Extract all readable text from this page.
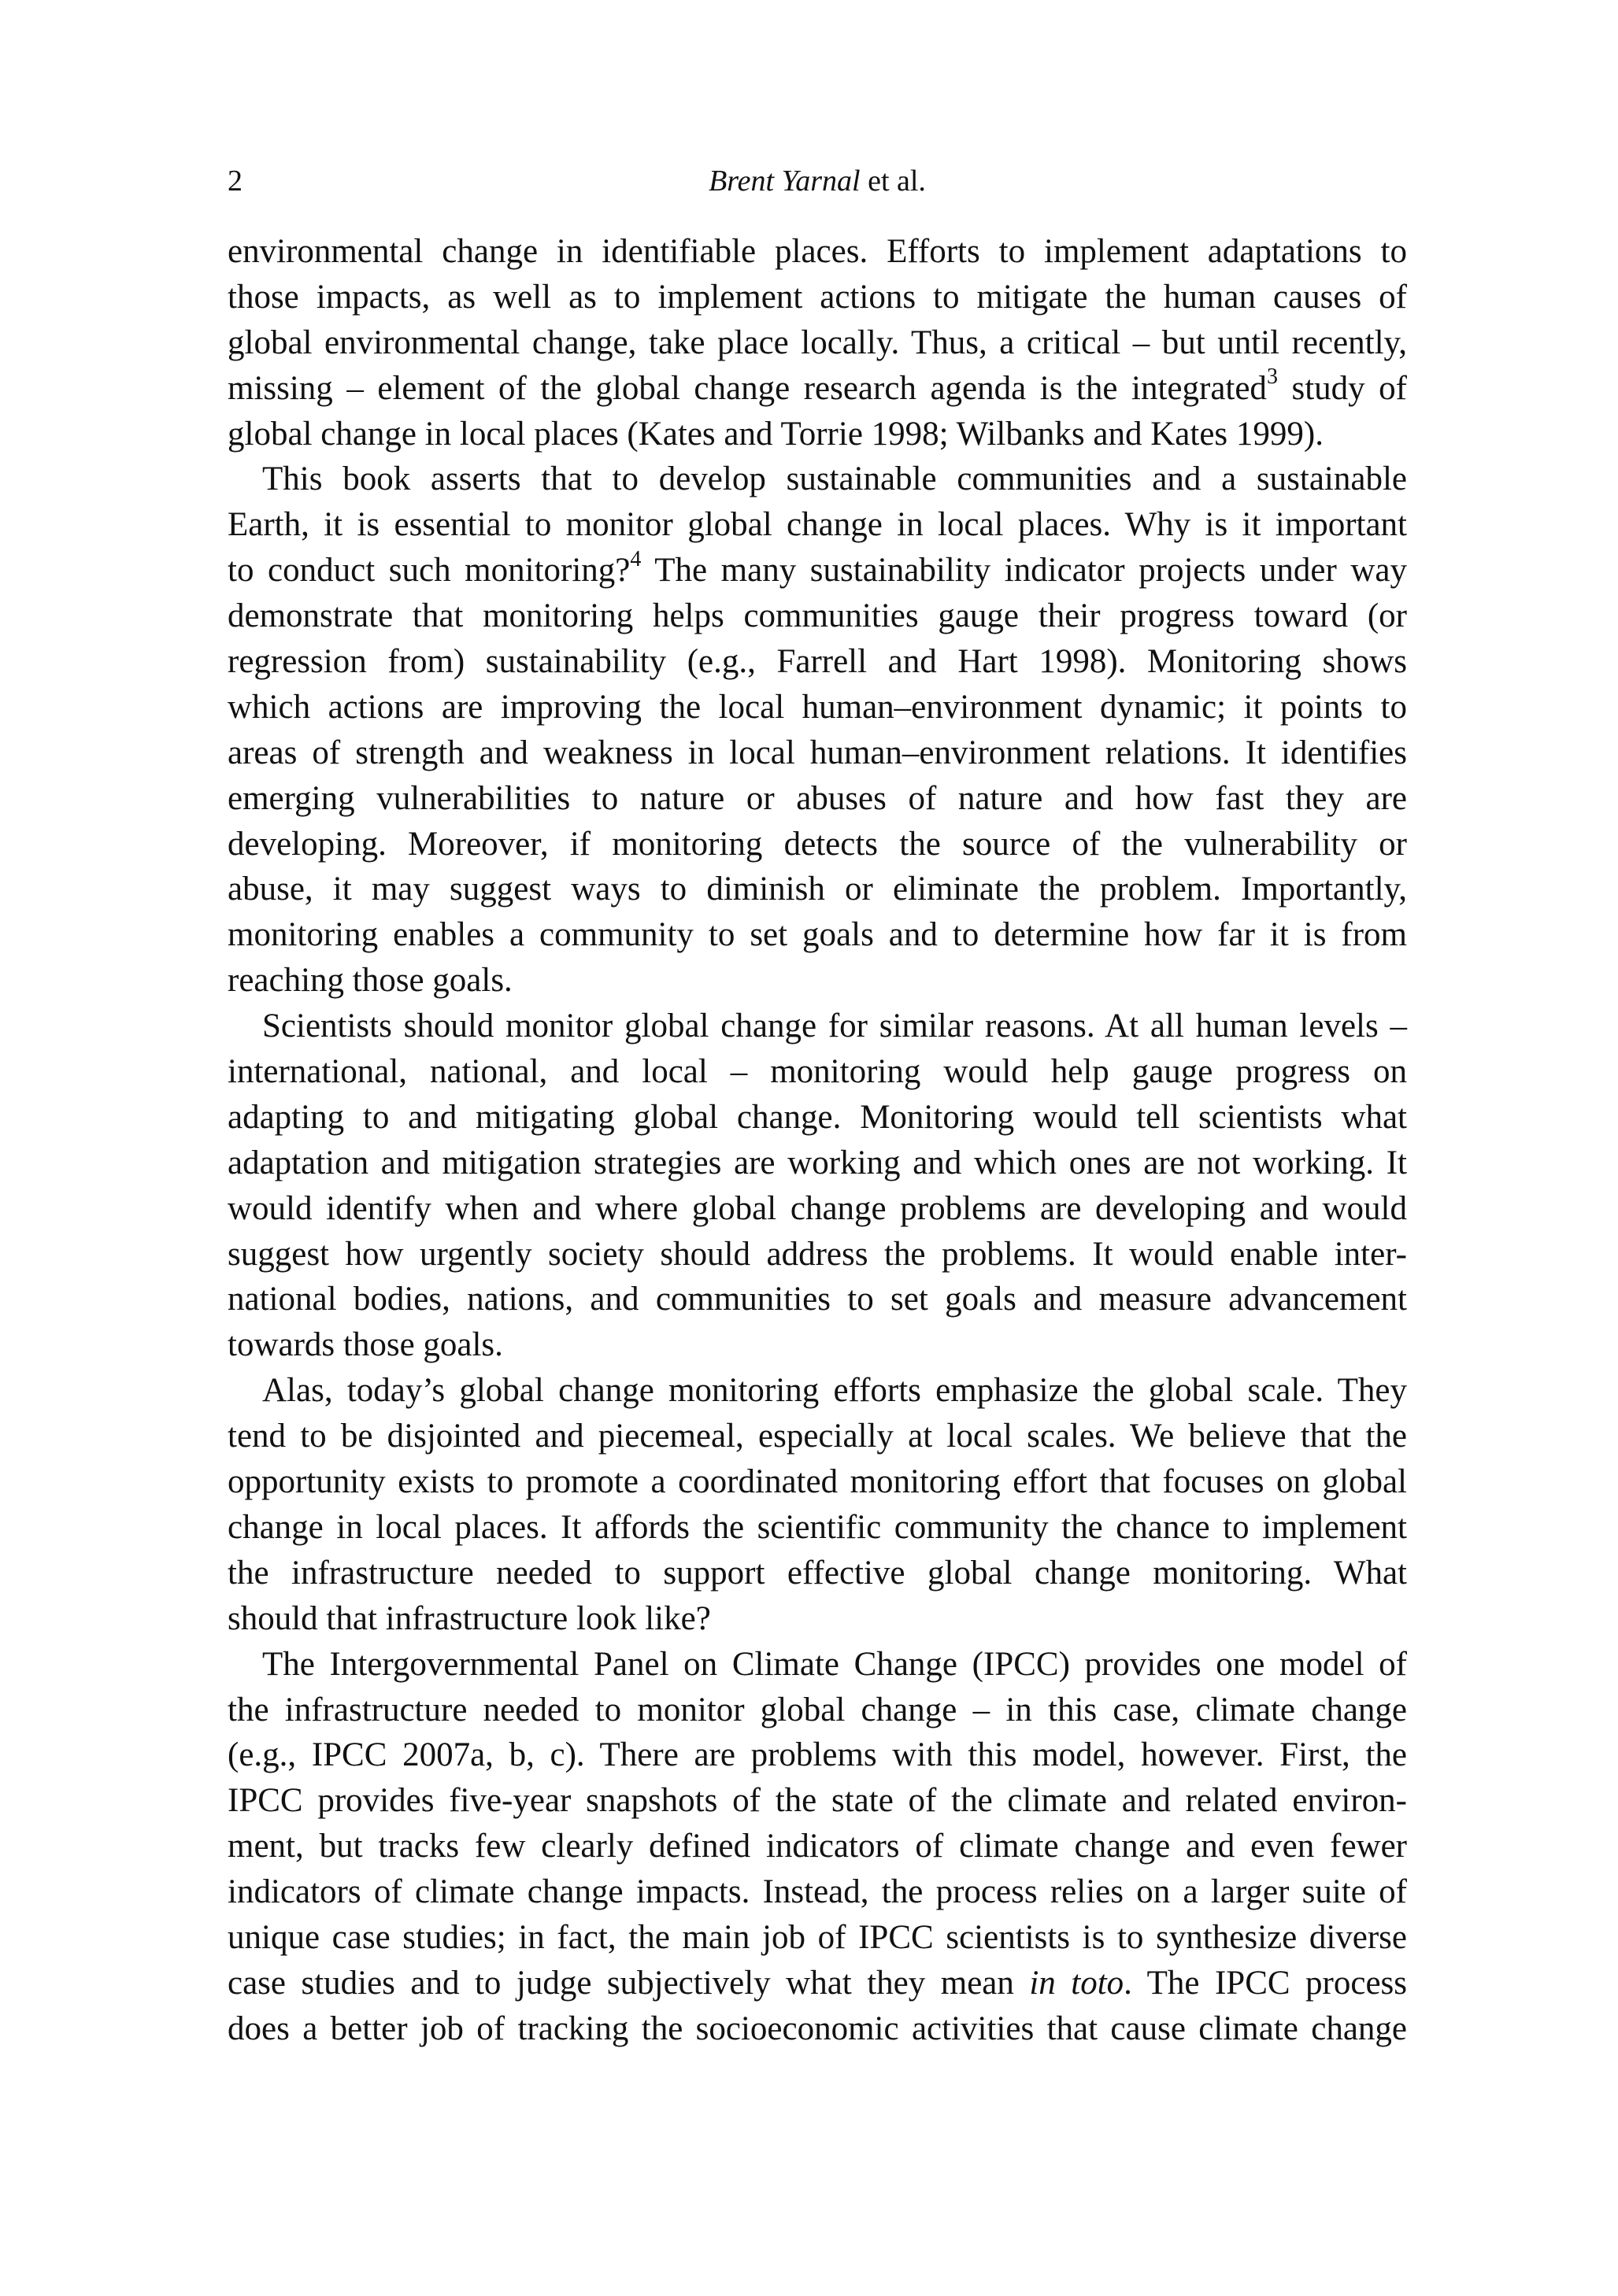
2	Brent Yarnal et al.
environmental change in identifiable places. Efforts to implement adaptations to
those impacts, as well as to implement actions to mitigate the human causes of
global environmental change, take place locally. Thus, a critical – but until recently,
missing – element of the global change research agenda is the integrated$^3$ study of
global change in local places (Kates and Torrie 1998; Wilbanks and Kates 1999).
This book asserts that to develop sustainable communities and a sustainable
Earth, it is essential to monitor global change in local places. Why is it important
to conduct such monitoring?$^4$ The many sustainability indicator projects under way
demonstrate that monitoring helps communities gauge their progress toward (or
regression from) sustainability (e.g., Farrell and Hart 1998). Monitoring shows
which actions are improving the local human–environment dynamic; it points to
areas of strength and weakness in local human–environment relations. It identifies
emerging vulnerabilities to nature or abuses of nature and how fast they are
developing. Moreover, if monitoring detects the source of the vulnerability or
abuse, it may suggest ways to diminish or eliminate the problem. Importantly,
monitoring enables a community to set goals and to determine how far it is from
reaching those goals.
Scientists should monitor global change for similar reasons. At all human levels –
international, national, and local – monitoring would help gauge progress on
adapting to and mitigating global change. Monitoring would tell scientists what
adaptation and mitigation strategies are working and which ones are not working. It
would identify when and where global change problems are developing and would
suggest how urgently society should address the problems. It would enable inter-
national bodies, nations, and communities to set goals and measure advancement
towards those goals.
Alas, today’s global change monitoring efforts emphasize the global scale. They
tend to be disjointed and piecemeal, especially at local scales. We believe that the
opportunity exists to promote a coordinated monitoring effort that focuses on global
change in local places. It affords the scientific community the chance to implement
the infrastructure needed to support effective global change monitoring. What
should that infrastructure look like?
The Intergovernmental Panel on Climate Change (IPCC) provides one model of
the infrastructure needed to monitor global change – in this case, climate change
(e.g., IPCC 2007a, b, c). There are problems with this model, however. First, the
IPCC provides five-year snapshots of the state of the climate and related environ-
ment, but tracks few clearly defined indicators of climate change and even fewer
indicators of climate change impacts. Instead, the process relies on a larger suite of
unique case studies; in fact, the main job of IPCC scientists is to synthesize diverse
case studies and to judge subjectively what they mean in toto. The IPCC process
does a better job of tracking the socioeconomic activities that cause climate change
